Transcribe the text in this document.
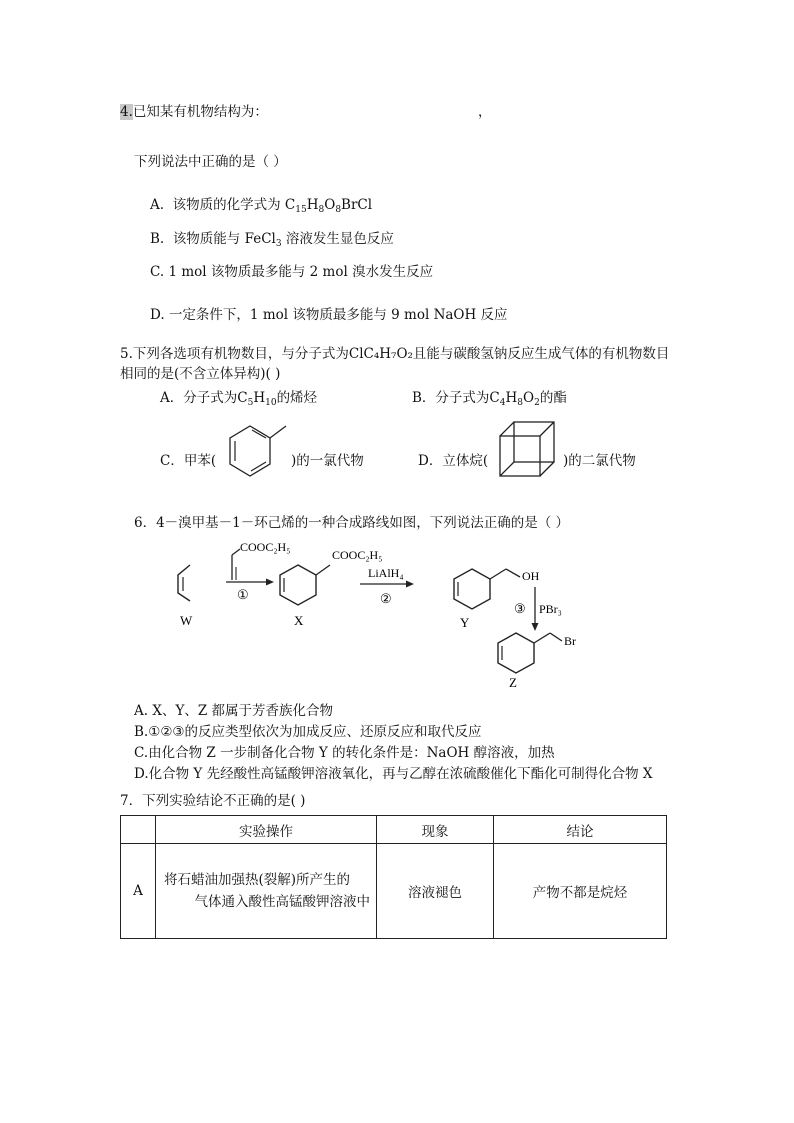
4.已知某有机物结构为：	，
下列说法中正确的是（ ）
A. 该物质的化学式为 $C_{15}H_8O_8BrCl$
B. 该物质能与 FeCl$_3$ 溶液发生显色反应
C. 1 mol 该物质最多能与 2 mol 溴水发生反应
D. 一定条件下，1 mol 该物质最多能与 9 mol NaOH 反应
5.下列各选项有机物数目，与分子式为ClC₄H₇O₂且能与碳酸氢钠反应生成气体的有机物数目
相同的是(不含立体异构)( )
A．分子式为$C_5H_{10}$的烯烃	B．分子式为$C_4H_8O_2$的酯
C．甲苯(	)的一氯代物	D．立体烷(	)的二氯代物
6．4－溴甲基－1－环己烯的一种合成路线如图，下列说法正确的是（ ）
W
COOC₂H₅
①
COOC₂H₅
X
LiAlH₄
②
OH
Y
③ PBr₃
Br
Z
A. X、Y、Z 都属于芳香族化合物
B.①②③的反应类型依次为加成反应、还原反应和取代反应
C.由化合物 Z 一步制备化合物 Y 的转化条件是：NaOH 醇溶液，加热
D.化合物 Y 先经酸性高锰酸钾溶液氧化，再与乙醇在浓硫酸催化下酯化可制得化合物 X
7．下列实验结论不正确的是( )
	实验操作	现象	结论
A	将石蜡油加强热(裂解)所产生的
气体通入酸性高锰酸钾溶液中	溶液褪色	产物不都是烷烃
